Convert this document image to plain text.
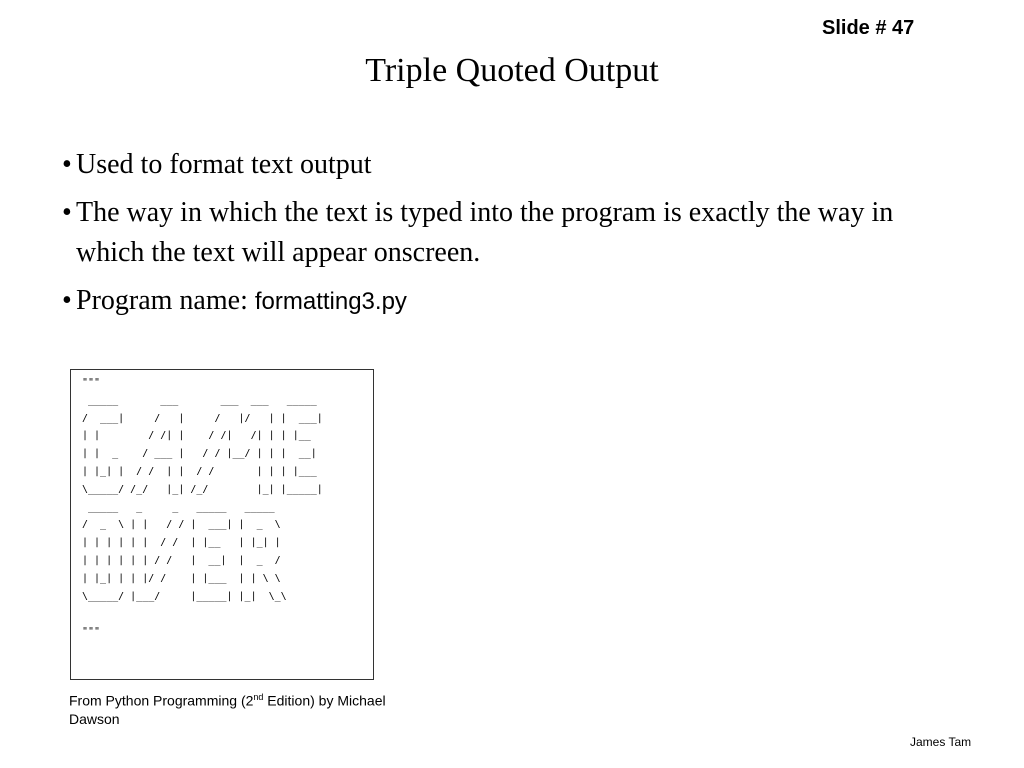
Slide # 47
Triple Quoted Output
• Used to format text output
• The way in which the text is typed into the program is exactly the way in which the text will appear onscreen.
• Program name: formatting3.py
"""
_____       ___       ___  ___   _____
/  ___|     /   |     /   |/   | |  ___|
| |        / /| |    / /|   /| | | |__
| |  _    / ___ |   / / |__/ | | |  __|
| |_| |  / /  | |  / /       | | | |___
\_____/ /_/   |_| /_/        |_| |_____|
_____   _     _   _____   _____
/  _  \ | |   / / |  ___| |  _  \
| | | | | |  / /  | |__   | |_| |
| | | | | | / /   |  __|  |  _  /
| |_| | | |/ /    | |___  | | \ \
\_____/ |___/     |_____| |_|  \_\

"""
From Python Programming (2nd Edition) by Michael Dawson
James Tam
